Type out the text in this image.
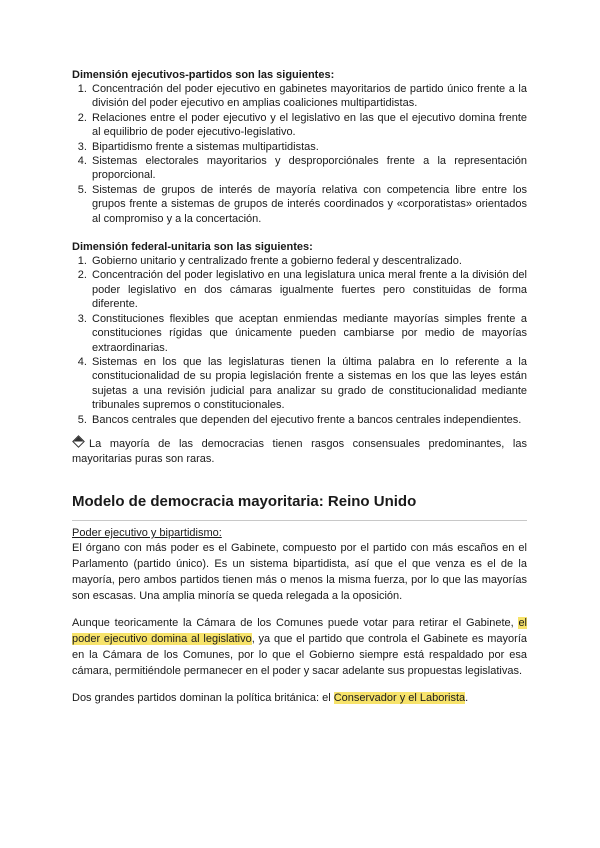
Dimensión ejecutivos-partidos son las siguientes:

1. Concentración del poder ejecutivo en gabinetes mayoritarios de partido único frente a la división del poder ejecutivo en amplias coaliciones multipartidistas.
2. Relaciones entre el poder ejecutivo y el legislativo en las que el ejecutivo domina frente al equilibrio de poder ejecutivo-legislativo.
3. Bipartidismo frente a sistemas multipartidistas.
4. Sistemas electorales mayoritarios y desproporciónales frente a la representación proporcional.
5. Sistemas de grupos de interés de mayoría relativa con competencia libre entre los grupos frente a sistemas de grupos de interés coordinados y «corporatistas» orientados al compromiso y a la concertación.

Dimensión federal-unitaria son las siguientes:

1. Gobierno unitario y centralizado frente a gobierno federal y descentralizado.
2. Concentración del poder legislativo en una legislatura unica meral frente a la división del poder legislativo en dos cámaras igualmente fuertes pero constituidas de forma diferente.
3. Constituciones flexibles que aceptan enmiendas mediante mayorías simples frente a constituciones rígidas que únicamente pueden cambiarse por medio de mayorías extraordinarias.
4. Sistemas en los que las legislaturas tienen la última palabra en lo referente a la constitucionalidad de su propia legislación frente a sistemas en los que las leyes están sujetas a una revisión judicial para analizar su grado de constitucionalidad mediante tribunales supremos o constitucionales.
5. Bancos centrales que dependen del ejecutivo frente a bancos centrales independientes.

La mayoría de las democracias tienen rasgos consensuales predominantes, las mayoritarias puras son raras.

Modelo de democracia mayoritaria: Reino Unido

Poder ejecutivo y bipartidismo:

El órgano con más poder es el Gabinete, compuesto por el partido con más escaños en el Parlamento (partido único). Es un sistema bipartidista, así que el que venza es el de la mayoría, pero ambos partidos tienen más o menos la misma fuerza, por lo que las mayorías son escasas. Una amplia minoría se queda relegada a la oposición.

Aunque teoricamente la Cámara de los Comunes puede votar para retirar el Gabinete, el poder ejecutivo domina al legislativo, ya que el partido que controla el Gabinete es mayoría en la Cámara de los Comunes, por lo que el Gobierno siempre está respaldado por esa cámara, permitiéndole permanecer en el poder y sacar adelante sus propuestas legislativas.

Dos grandes partidos dominan la política británica: el Conservador y el Laborista.
